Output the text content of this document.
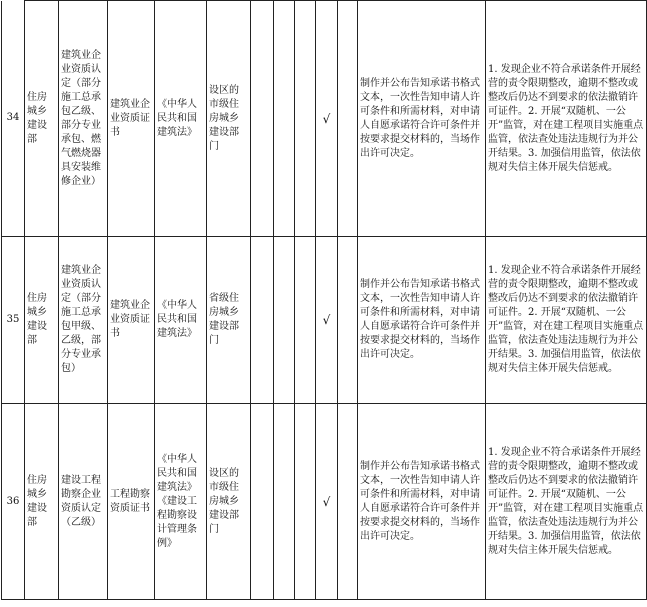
34	住房城乡建设部	建筑业企业资质认定（部分施工总承包乙级、部分专业承包、燃气燃烧器具安装维修企业）	建筑业企业资质证书	《中华人民共和国建筑法》	设区的市级住房城乡建设部门				√		制作并公布告知承诺书格式文本，一次性告知申请人许可条件和所需材料，对申请人自愿承诺符合许可条件并按要求提交材料的，当场作出许可决定。	1. 发现企业不符合承诺条件开展经营的责令限期整改，逾期不整改或整改后仍达不到要求的依法撤销许可证件。2. 开展“双随机、一公开”监管，对在建工程项目实施重点监管，依法查处违法违规行为并公开结果。3. 加强信用监管，依法依规对失信主体开展失信惩戒。
35	住房城乡建设部	建筑业企业资质认定（部分施工总承包甲级、乙级，部分专业承包）	建筑业企业资质证书	《中华人民共和国建筑法》	省级住房城乡建设部门				√		制作并公布告知承诺书格式文本，一次性告知申请人许可条件和所需材料，对申请人自愿承诺符合许可条件并按要求提交材料的，当场作出许可决定。	1. 发现企业不符合承诺条件开展经营的责令限期整改，逾期不整改或整改后仍达不到要求的依法撤销许可证件。2. 开展“双随机、一公开”监管，对在建工程项目实施重点监管，依法查处违法违规行为并公开结果。3. 加强信用监管，依法依规对失信主体开展失信惩戒。
36	住房城乡建设部	建设工程勘察企业资质认定（乙级）	工程勘察资质证书	《中华人民共和国建筑法》《建设工程勘察设计管理条例》	设区的市级住房城乡建设部门				√		制作并公布告知承诺书格式文本，一次性告知申请人许可条件和所需材料，对申请人自愿承诺符合许可条件并按要求提交材料的，当场作出许可决定。	1. 发现企业不符合承诺条件开展经营的责令限期整改，逾期不整改或整改后仍达不到要求的依法撤销许可证件。2. 开展“双随机、一公开”监管，对在建工程项目实施重点监管，依法查处违法违规行为并公开结果。3. 加强信用监管，依法依规对失信主体开展失信惩戒。
